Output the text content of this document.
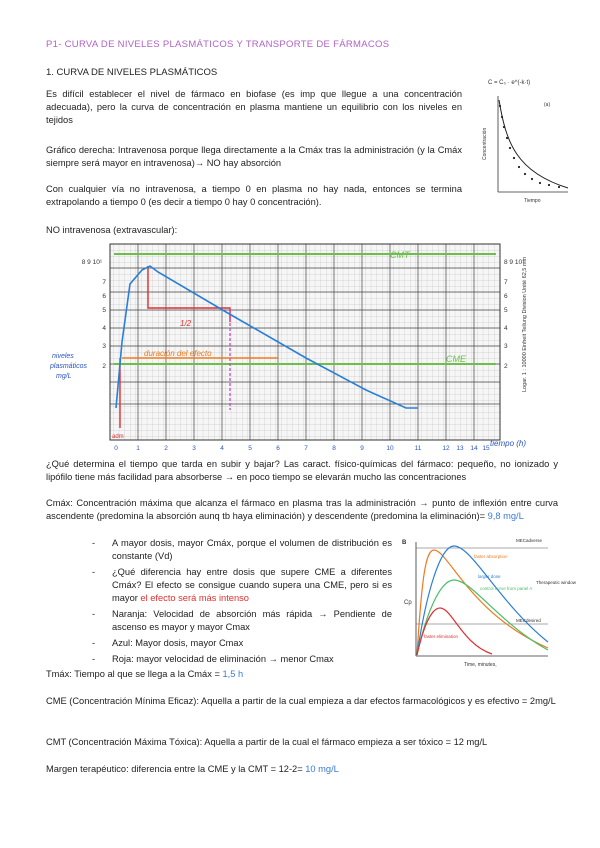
P1- CURVA DE NIVELES PLASMÁTICOS Y TRANSPORTE DE FÁRMACOS
1. CURVA DE NIVELES PLASMÁTICOS
Es difícil establecer el nivel de fármaco en biofase (es imp que llegue a una concentración adecuada), pero la curva de concentración en plasma mantiene un equilibrio con los niveles en tejidos
Gráfico derecha: Intravenosa porque llega directamente a la Cmáx tras la administración (y la Cmáx siempre será mayor en intravenosa)→ NO hay absorción
Con cualquier vía no intravenosa, a tiempo 0 en plasma no hay nada, entonces se termina extrapolando a tiempo 0 (es decir a tiempo 0 hay 0 concentración).
NO intravenosa (extravascular):
C = C₀ · e^(-k·t)
(a)
Concentración
Tiempo
8 9 10¹
7
6
5
4
3
2
8 9 10¹
7
6
5
4
3
2	Logar. 1 : 10000 Einheit Teilung Division Unité 62,5 mm
0	1	2	3	4	5	6	7	8	9	10	11	12 13 14 15
CMT
CME
duración del efecto
1/2
adm
niveles
plasmáticos
mg/L
tiempo (h)
¿Qué determina el tiempo que tarda en subir y bajar? Las caract. físico-químicas del fármaco: pequeño, no ionizado y lipófilo tiene más facilidad para absorberse → en poco tiempo se elevarán mucho las concentraciones
Cmáx: Concentración máxima que alcanza el fármaco en plasma tras la administración → punto de inflexión entre curva ascendente (predomina la absorción aunq tb haya eliminación) y descendente (predomina la eliminación)= 9,8 mg/L
- A mayor dosis, mayor Cmáx, porque el volumen de distribución es constante (Vd)
- ¿Qué diferencia hay entre dosis que supere CME a diferentes Cmáx? El efecto se consigue cuando supera una CME, pero si es mayor el efecto será más intenso
- Naranja: Velocidad de absorción más rápida → Pendiente de ascenso es mayor y mayor Cmax
- Azul: Mayor dosis, mayor Cmax
- Roja: mayor velocidad de eliminación → menor Cmax
B	MECadverse
MECdesired
Therapeutic window
faster absorption
larger dose
control curve from panel A
faster elimination
Cp
Time, minutes,
Tmáx: Tiempo al que se llega a la Cmáx = 1,5 h
CME (Concentración Mínima Eficaz): Aquella a partir de la cual empieza a dar efectos farmacológicos y es efectivo = 2mg/L
CMT (Concentración Máxima Tóxica): Aquella a partir de la cual el fármaco empieza a ser tóxico = 12 mg/L
Margen terapéutico: diferencia entre la CME y la CMT = 12-2= 10 mg/L
